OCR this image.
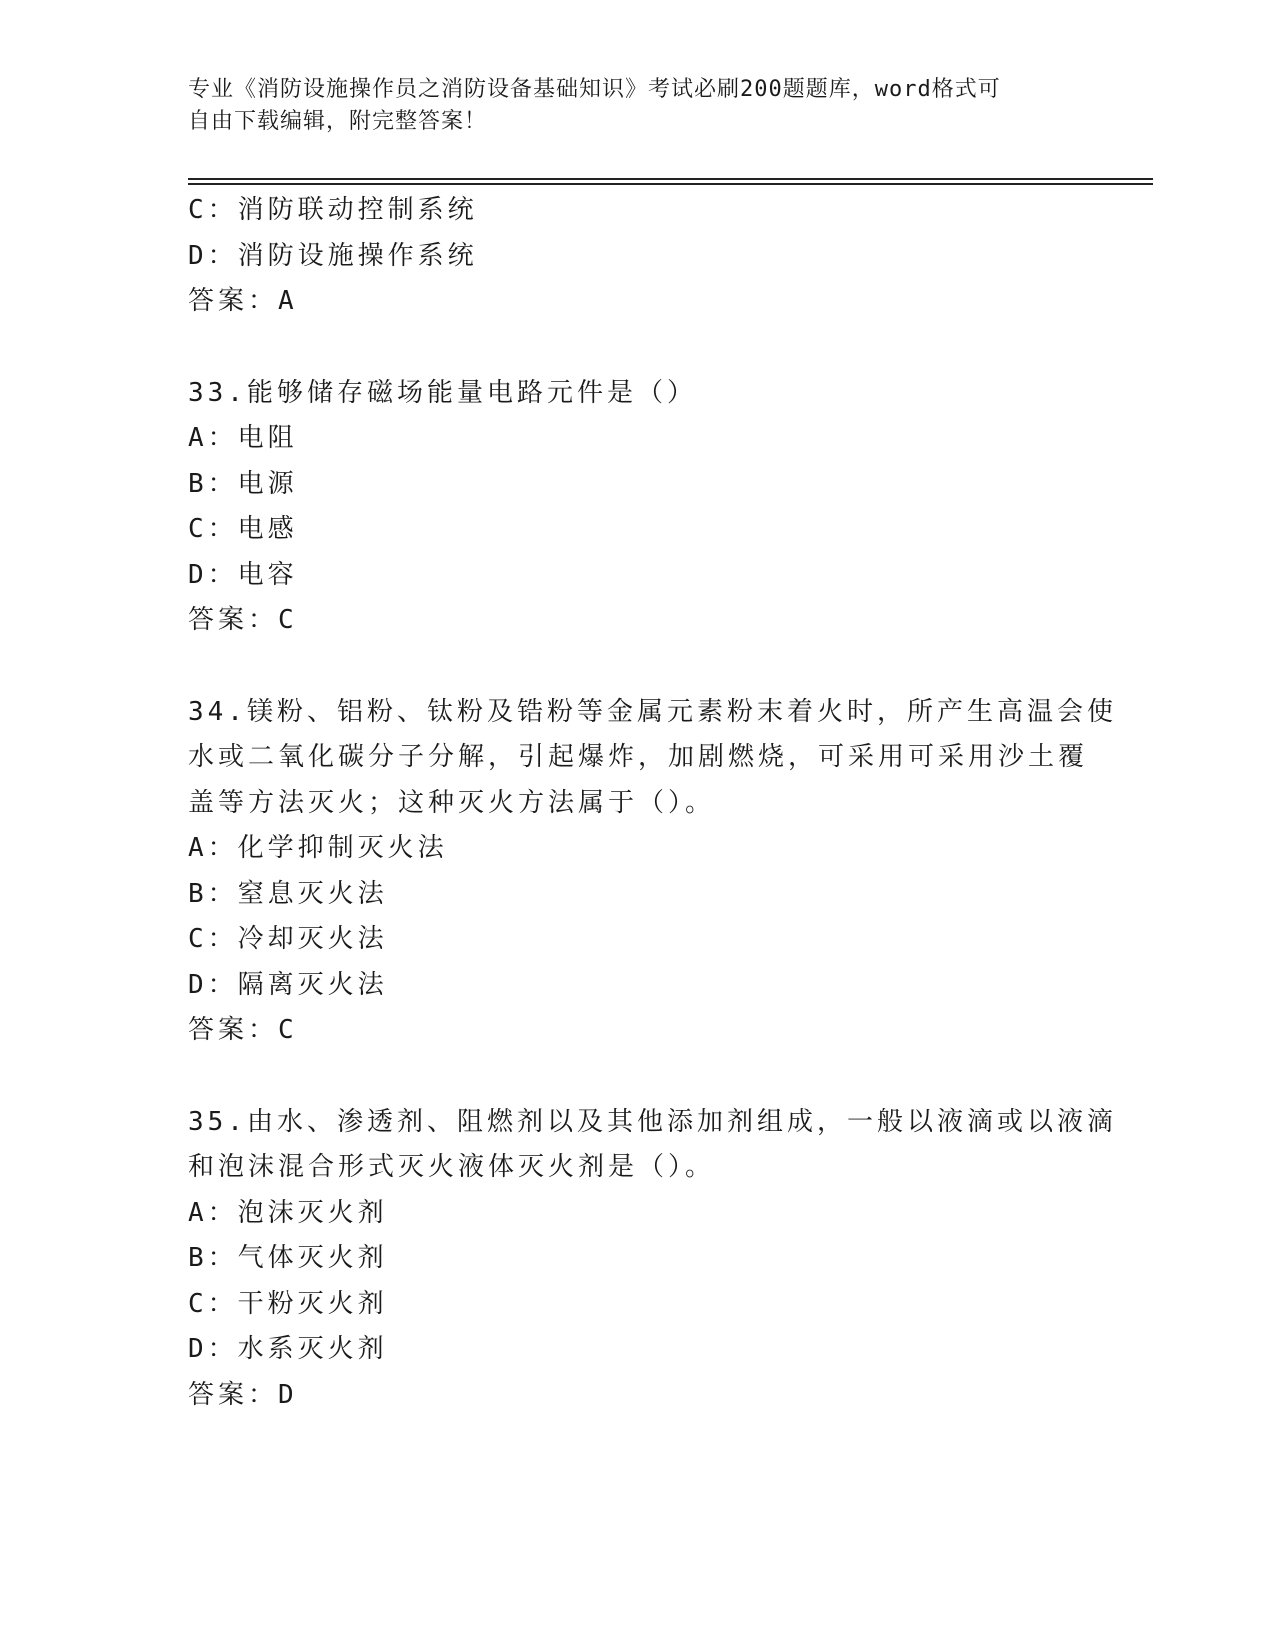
专业《消防设施操作员之消防设备基础知识》考试必刷200题题库，word格式可
自由下载编辑，附完整答案！
C：消防联动控制系统
D：消防设施操作系统
答案：A
33.能够储存磁场能量电路元件是（）
A：电阻
B：电源
C：电感
D：电容
答案：C
34.镁粉、铝粉、钛粉及锆粉等金属元素粉末着火时，所产生高温会使
水或二氧化碳分子分解，引起爆炸，加剧燃烧，可采用可采用沙土覆
盖等方法灭火；这种灭火方法属于（）。
A：化学抑制灭火法
B：窒息灭火法
C：冷却灭火法
D：隔离灭火法
答案：C
35.由水、渗透剂、阻燃剂以及其他添加剂组成，一般以液滴或以液滴
和泡沫混合形式灭火液体灭火剂是（）。
A：泡沫灭火剂
B：气体灭火剂
C：干粉灭火剂
D：水系灭火剂
答案：D
